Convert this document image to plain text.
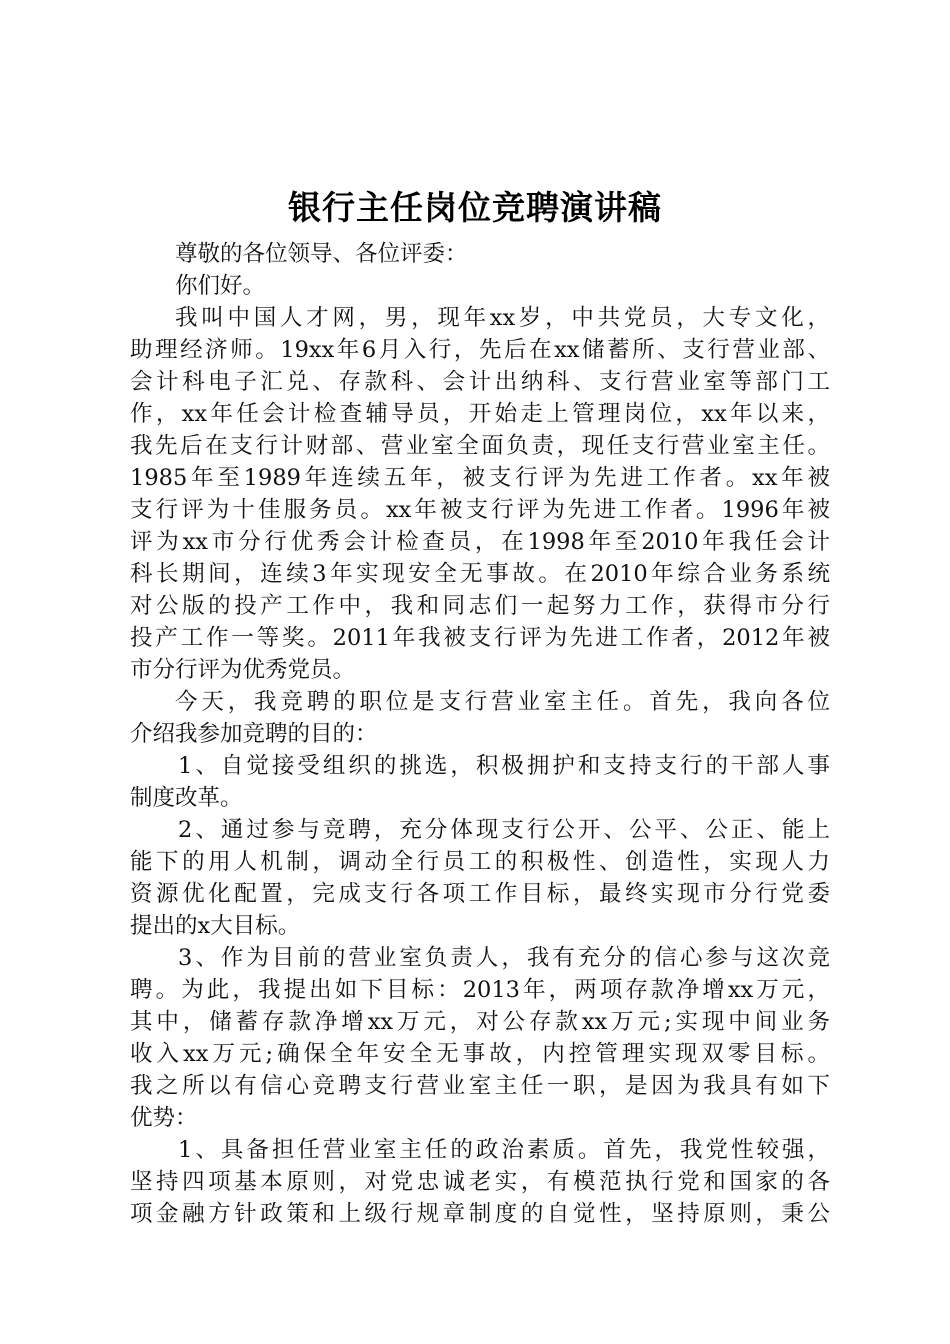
银行主任岗位竞聘演讲稿
尊敬的各位领导、各位评委：
你们好。
我叫中国人才网，男，现年xx岁，中共党员，大专文化，
助理经济师。19xx年6月入行，先后在xx储蓄所、支行营业部、
会计科电子汇兑、存款科、会计出纳科、支行营业室等部门工
作，xx年任会计检查辅导员，开始走上管理岗位，xx年以来，
我先后在支行计财部、营业室全面负责，现任支行营业室主任。
1985年至1989年连续五年，被支行评为先进工作者。xx年被
支行评为十佳服务员。xx年被支行评为先进工作者。1996年被
评为xx市分行优秀会计检查员，在1998年至2010年我任会计
科长期间，连续3年实现安全无事故。在2010年综合业务系统
对公版的投产工作中，我和同志们一起努力工作，获得市分行
投产工作一等奖。2011年我被支行评为先进工作者，2012年被
市分行评为优秀党员。
今天，我竞聘的职位是支行营业室主任。首先，我向各位
介绍我参加竞聘的目的：
1、自觉接受组织的挑选，积极拥护和支持支行的干部人事
制度改革。
2、通过参与竞聘，充分体现支行公开、公平、公正、能上
能下的用人机制，调动全行员工的积极性、创造性，实现人力
资源优化配置，完成支行各项工作目标，最终实现市分行党委
提出的x大目标。
3、作为目前的营业室负责人，我有充分的信心参与这次竞
聘。为此，我提出如下目标：2013年，两项存款净增xx万元，
其中，储蓄存款净增xx万元，对公存款xx万元;实现中间业务
收入xx万元;确保全年安全无事故，内控管理实现双零目标。
我之所以有信心竞聘支行营业室主任一职，是因为我具有如下
优势：
1、具备担任营业室主任的政治素质。首先，我党性较强，
坚持四项基本原则，对党忠诚老实，有模范执行党和国家的各
项金融方针政策和上级行规章制度的自觉性，坚持原则，秉公
